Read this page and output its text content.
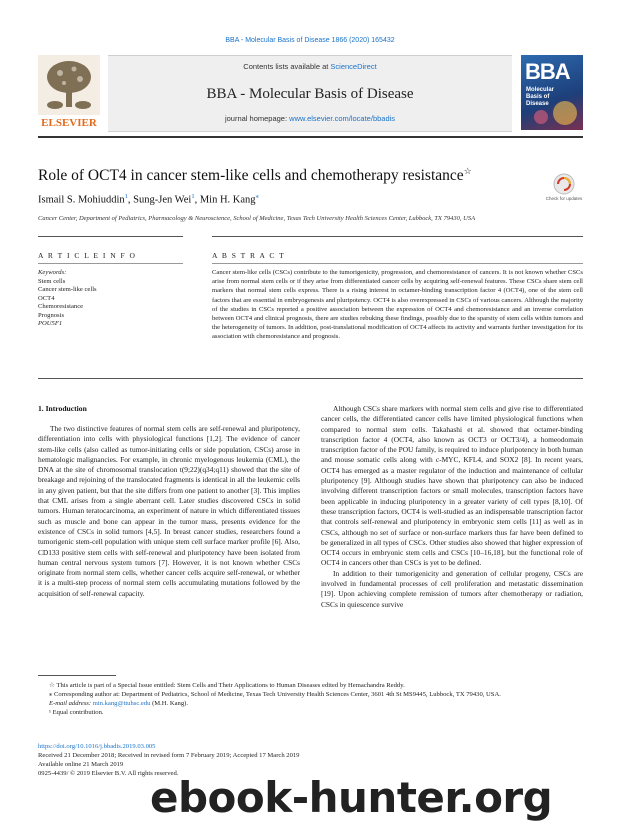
BBA - Molecular Basis of Disease 1866 (2020) 165432
ELSEVIER
Contents lists available at ScienceDirect
BBA - Molecular Basis of Disease
journal homepage: www.elsevier.com/locate/bbadis
BBA
Molecular
Basis of
Disease
Role of OCT4 in cancer stem-like cells and chemotherapy resistance☆
Check for updates
Ismail S. Mohiuddin$^1$, Sung-Jen Wei$^1$, Min H. Kang⁎
Cancer Center, Department of Pediatrics, Pharmacology & Neuroscience, School of Medicine, Texas Tech University Health Sciences Center, Lubbock, TX 79430, USA
A R T I C L E I N F O	A B S T R A C T
Keywords:
Stem cells
Cancer stem-like cells
OCT4
Chemoresistance
Prognosis
POU5F1
Cancer stem-like cells (CSCs) contribute to the tumorigenicity, progression, and chemoresistance of cancers. It is not known whether CSCs arise from normal stem cells or if they arise from differentiated cancer cells by acquiring self-renewal features. These CSCs share stem cell markers that normal stem cells express. There is a rising interest in octamer-binding transcription factor 4 (OCT4), one of the stem cell factors that are essential in embryogenesis and pluripotency. OCT4 is also overexpressed in CSCs of various cancers. Although the majority of the studies in CSCs reported a positive association between the expression of OCT4 and chemoresistance and an inverse correlation between OCT4 and clinical prognosis, there are studies rebuking these findings, possibly due to the sparsity of stem cells within tumors and the heterogeneity of tumors. In addition, post-translational modification of OCT4 affects its activity and warrants further investigation for its association with chemoresistance and prognosis.
1. Introduction

The two distinctive features of normal stem cells are self-renewal and pluripotency, differentiation into cells with physiological functions [1,2]. The evidence of cancer stem-like cells (also called as tumor-initiating cells or side population, CSCs) arose in hematologic malignancies. For example, in chronic myelogenous leukemia (CML), the DNA at the site of chromosomal translocation t(9;22)(q34;q11) showed that the site of breakage and rejoining of the translocated fragments is identical in all the leukemic cells in any given patient, but that the site differs from one patient to another [3]. This implies that CML arises from a single aberrant cell. Later studies discovered CSCs in solid tumors. Human teratocarcinoma, an experiment of nature in which differentiated tissues such as muscle and bone can appear in the tumor mass, presents evidence for the existence of CSCs in solid tumors [4,5]. In breast cancer studies, researchers found a tumorigenic stem-cell population with unique stem cell surface marker profile [6]. Also, CD133 positive stem cells with self-renewal and pluripotency have been isolated from human central nervous system tumors [7]. However, it is not known whether CSCs originate from normal stem cells, whether cancer cells acquire self-renewal, or whether it is a multi-step process of normal stem cells accumulating mutations followed by the acquisition of self-renewal capacity.

Although CSCs share markers with normal stem cells and give rise to differentiated cancer cells, the differentiated cancer cells have limited physiological functions when compared to normal stem cells. Takahashi et al. showed that octamer-binding transcription factor 4 (OCT4, also known as OCT3 or OCT3/4), a homeodomain transcription factor of the POU family, is required to induce pluripotency in both human and mouse somatic cells along with c-MYC, KFL4, and SOX2 [8]. In recent years, OCT4 has emerged as a master regulator of the induction and maintenance of cellular pluripotency [9]. Although studies have shown that pluripotency can also be induced involving different transcription factors or small molecules, transcription factors have been applicable in inducing pluripotency in a greater variety of cell types [8,10]. Of these transcription factors, OCT4 is well-studied as an indispensable transcription factor that controls self-renewal and pluripotency in embryonic stem cells [11] as well as in CSCs, although no set of surface or non-surface markers thus far have been defined to be generalized in all types of CSCs. Other studies also showed that higher expression of OCT4 occurs in embryonic stem cells and CSCs [10–16,18], but the functional role of OCT4 in cancers other than CSCs is yet to be defined.

In addition to their tumorigenicity and generation of cellular progeny, CSCs are involved in fundamental processes of cell proliferation and metastatic dissemination [19]. Upon achieving complete remission of tumors after chemotherapy or radiation, CSCs in quiescence survive

☆ This article is part of a Special Issue entitled: Stem Cells and Their Applications to Human Diseases edited by Hemachandra Reddy.

⁎ Corresponding author at: Department of Pediatrics, School of Medicine, Texas Tech University Health Sciences Center, 3601 4th St MS9445, Lubbock, TX 79430, USA.

E-mail address: min.kang@ttuhsc.edu (M.H. Kang).

¹ Equal contribution.

https://doi.org/10.1016/j.bbadis.2019.03.005
Received 21 December 2018; Received in revised form 7 February 2019; Accepted 17 March 2019
Available online 21 March 2019
0925-4439/ © 2019 Elsevier B.V. All rights reserved.
ebook-hunter.org
